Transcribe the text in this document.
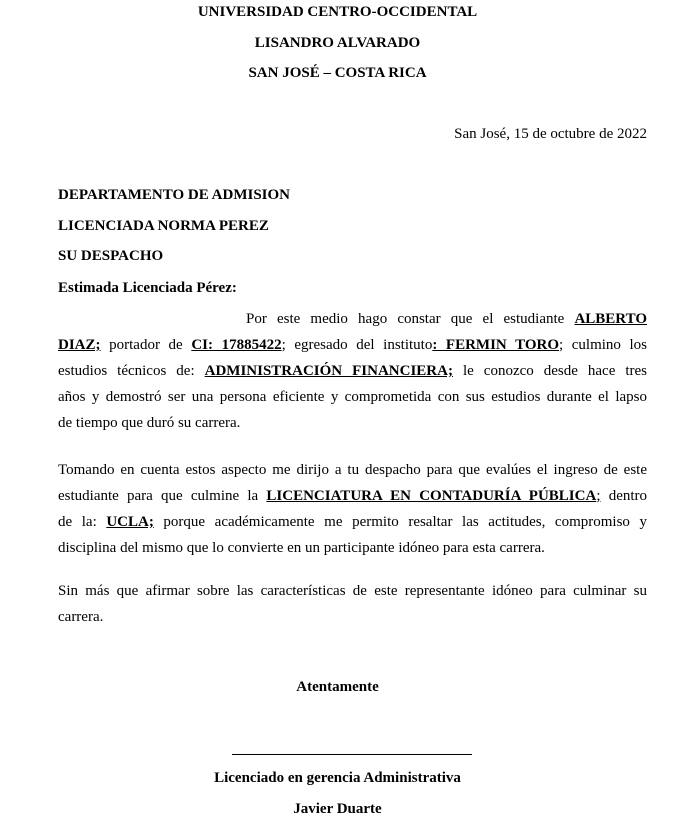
UNIVERSIDAD CENTRO-OCCIDENTAL
LISANDRO ALVARADO
SAN JOSÉ – COSTA RICA
San José, 15 de octubre de 2022
DEPARTAMENTO DE ADMISION
LICENCIADA NORMA PEREZ
SU DESPACHO
Estimada Licenciada Pérez:
Por este medio hago constar que el estudiante ALBERTO
DIAZ; portador de CI: 17885422; egresado del instituto: FERMIN TORO; culmino los
estudios técnicos de: ADMINISTRACIÓN FINANCIERA; le conozco desde hace tres
años y demostró ser una persona eficiente y comprometida con sus estudios durante el lapso
de tiempo que duró su carrera.
Tomando en cuenta estos aspecto me dirijo a tu despacho para que evalúes el ingreso de este
estudiante para que culmine la LICENCIATURA EN CONTADURÍA PÚBLICA; dentro
de la: UCLA; porque académicamente me permito resaltar las actitudes, compromiso y
disciplina del mismo que lo convierte en un participante idóneo para esta carrera.
Sin más que afirmar sobre las características de este representante idóneo para culminar su
carrera.
Atentamente
Licenciado en gerencia Administrativa
Javier Duarte
